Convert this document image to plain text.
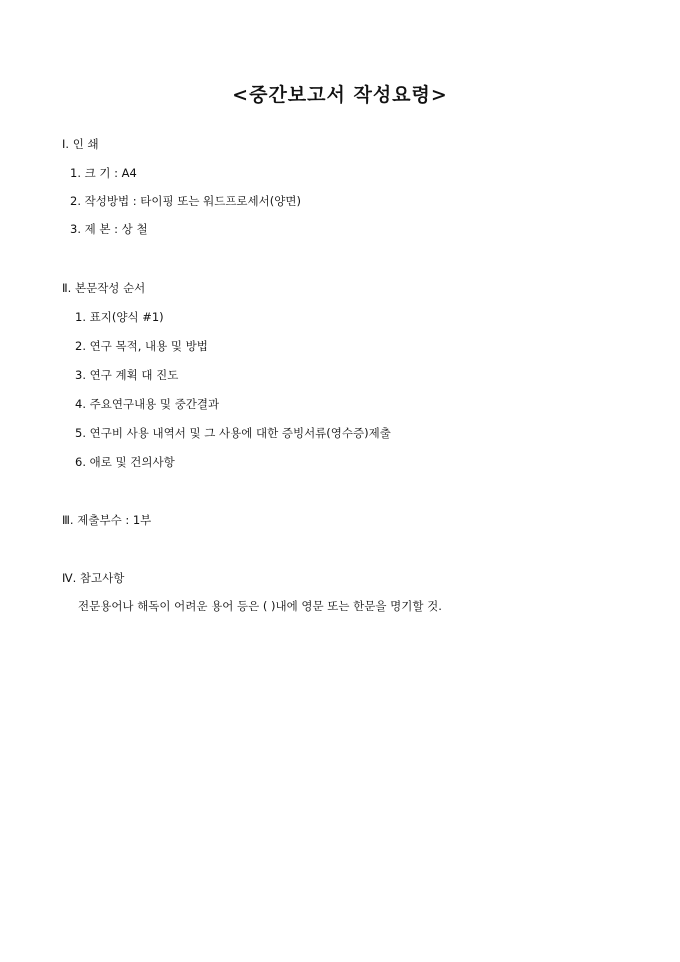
<중간보고서 작성요령>
Ⅰ. 인 쇄
1. 크 기 : A4
2. 작성방법 : 타이핑 또는 워드프로세서(양면)
3. 제 본 : 상 철
Ⅱ. 본문작성 순서
1. 표지(양식 #1)
2. 연구 목적, 내용 및 방법
3. 연구 계획 대 진도
4. 주요연구내용 및 중간결과
5. 연구비 사용 내역서 및 그 사용에 대한 증빙서류(영수증)제출
6. 애로 및 건의사항
Ⅲ. 제출부수 : 1부
Ⅳ. 참고사항
전문용어나 해독이 어려운 용어 등은 ( )내에 영문 또는 한문을 명기할 것.
